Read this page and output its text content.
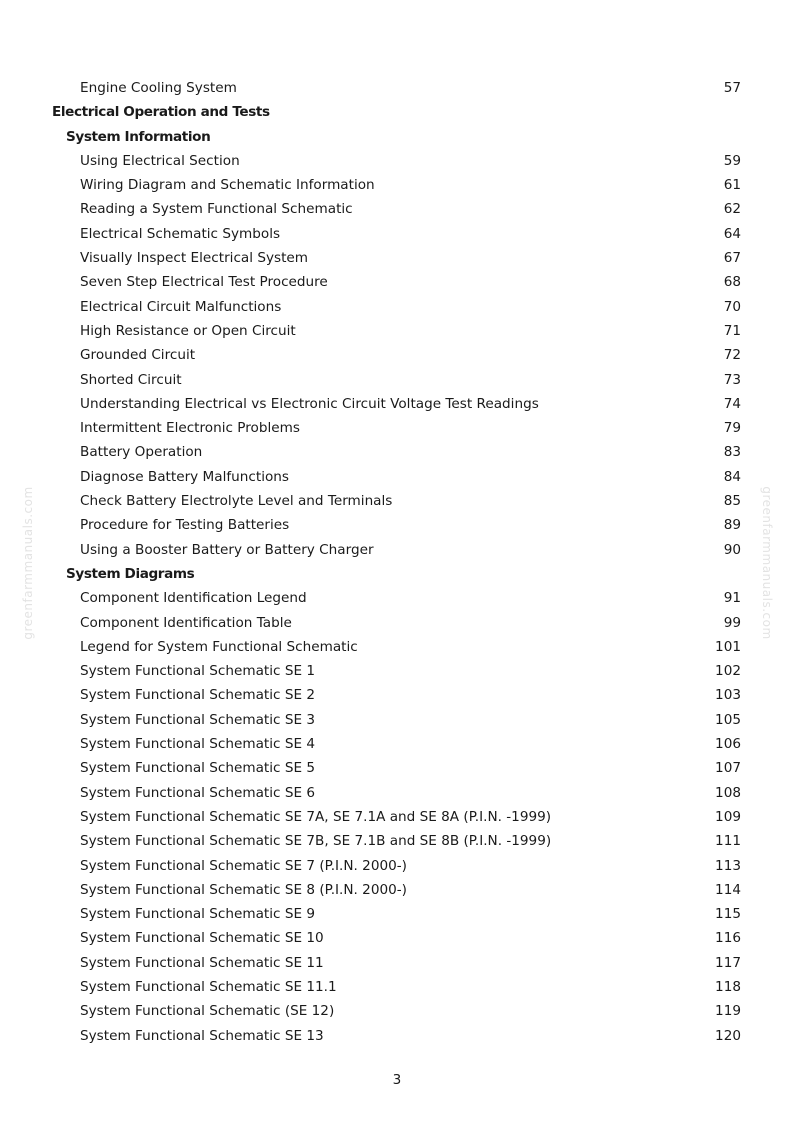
Engine Cooling System	57
Electrical Operation and Tests
System Information
Using Electrical Section	59
Wiring Diagram and Schematic Information	61
Reading a System Functional Schematic	62
Electrical Schematic Symbols	64
Visually Inspect Electrical System	67
Seven Step Electrical Test Procedure	68
Electrical Circuit Malfunctions	70
High Resistance or Open Circuit	71
Grounded Circuit	72
Shorted Circuit	73
Understanding Electrical vs Electronic Circuit Voltage Test Readings	74
Intermittent Electronic Problems	79
Battery Operation	83
Diagnose Battery Malfunctions	84
Check Battery Electrolyte Level and Terminals	85
Procedure for Testing Batteries	89
Using a Booster Battery or Battery Charger	90
System Diagrams
Component Identification Legend	91
Component Identification Table	99
Legend for System Functional Schematic	101
System Functional Schematic SE 1	102
System Functional Schematic SE 2	103
System Functional Schematic SE 3	105
System Functional Schematic SE 4	106
System Functional Schematic SE 5	107
System Functional Schematic SE 6	108
System Functional Schematic SE 7A, SE 7.1A and SE 8A (P.I.N. -1999)	109
System Functional Schematic SE 7B, SE 7.1B and SE 8B (P.I.N. -1999)	111
System Functional Schematic SE 7 (P.I.N. 2000-)	113
System Functional Schematic SE 8 (P.I.N. 2000-)	114
System Functional Schematic SE 9	115
System Functional Schematic SE 10	116
System Functional Schematic SE 11	117
System Functional Schematic SE 11.1	118
System Functional Schematic (SE 12)	119
System Functional Schematic SE 13	120
3
greenfarmmanuals.com	greenfarmmanuals.com
